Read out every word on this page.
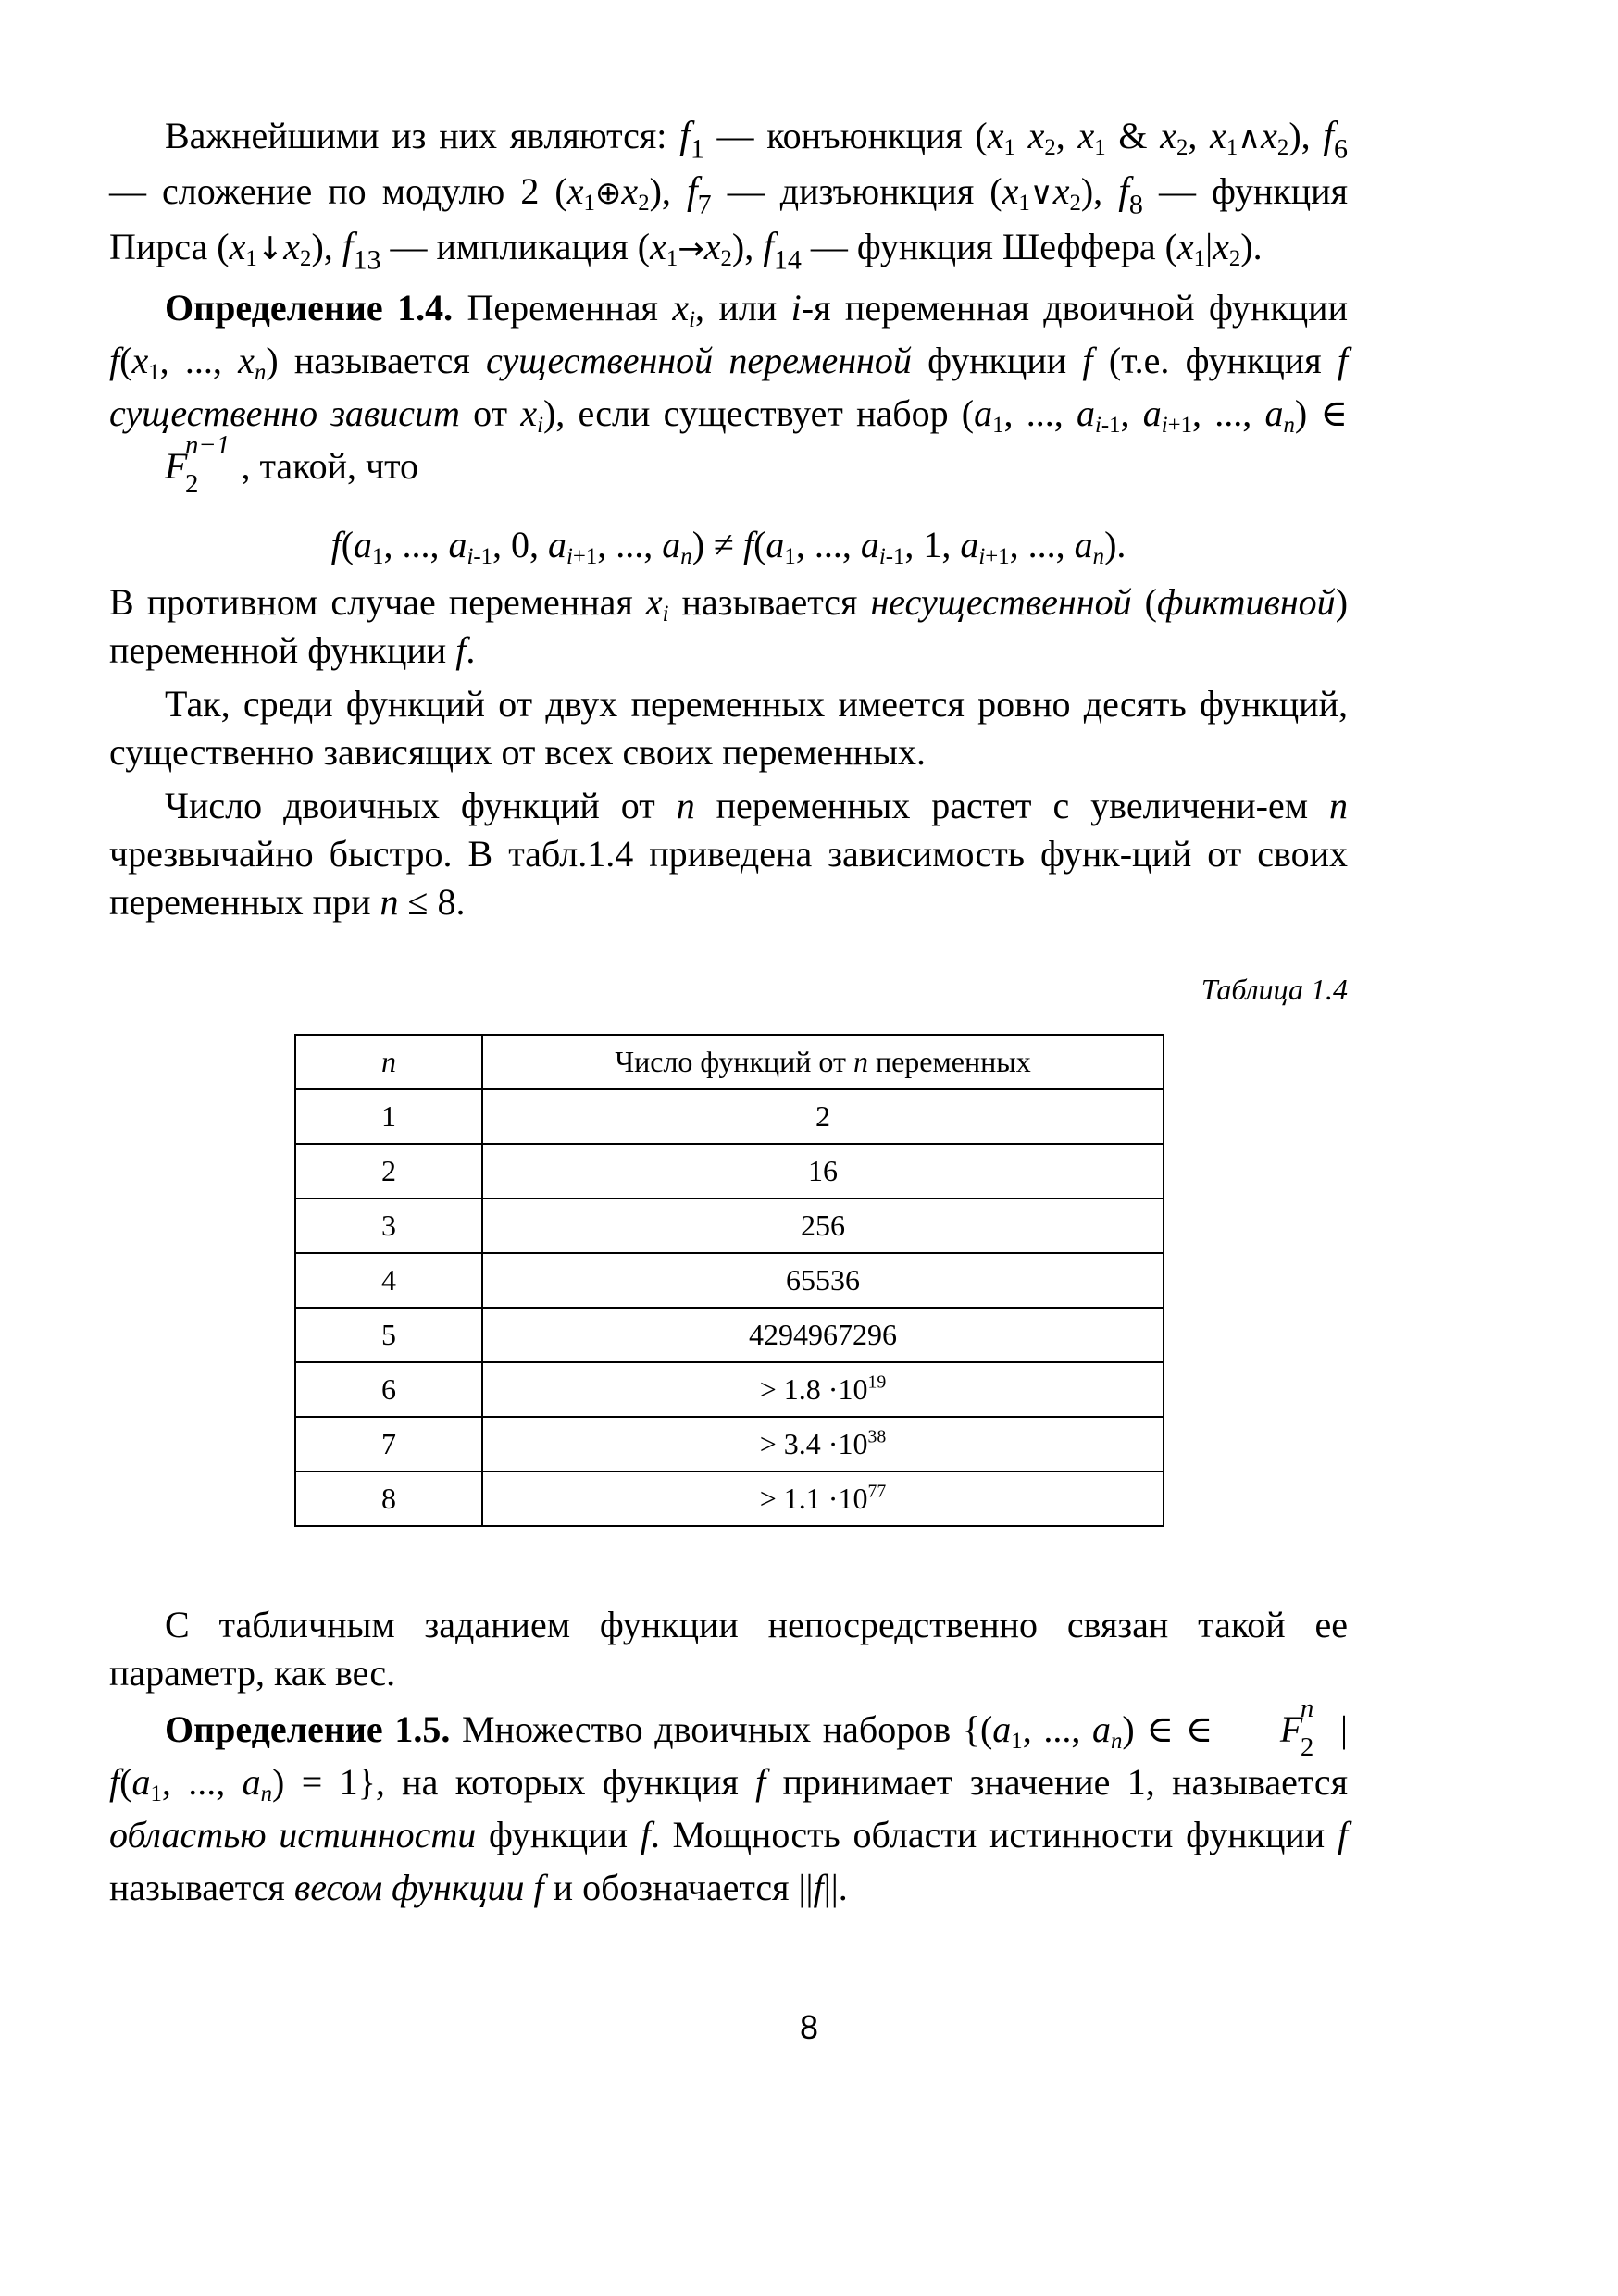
Важнейшими из них являются: $f_1$ — конъюнкция ($x_1$ $x_2$, $x_1$ & $x_2$, $x_1\wedge x_2$), $f_6$ — сложение по модулю 2 $(x_1\oplus x_2)$, $f_7$ — дизъюнкция $(x_1\vee x_2)$, $f_8$ — функция Пирса $(x_1↓x_2)$, $f_{13}$ — импликация $(x_1\to x_2)$, $f_{14}$ — функция Шеффера $(x_1|x_2)$.

Определение 1.4. Переменная $x_i$, или i-я переменная двоичной функции $f(x_1$, ..., $x_n$) называется существенной переменной функции f (т.е. функция f существенно зависит от $x_i$), если существует набор ($a_1$, ..., $a_{i-1}$, $a_{i+1}$, ..., $a_n$) ∈ F
n−1
2 , такой, что

$f(a_1$, ..., $a_{i-1}$, 0, $a_{i+1}$, ..., $a_n) \ne f(a_1$, ..., $a_{i-1}$, 1, $a_{i+1}$, ..., $a_n$).

В противном случае переменная $x_i$ называется несущественной (фиктивной) переменной функции f.

Так, среди функций от двух переменных имеется ровно десять функций, существенно зависящих от всех своих переменных.

Число двоичных функций от n переменных растет с увеличени-ем n чрезвычайно быстро. В табл.1.4 приведена зависимость функ-ций от своих переменных при n ≤ 8.

Таблица 1.4
n	Число функций от n переменных
1	2
2	16
3	256
4	65536
5	4294967296
6	> $1.8 \cdot 10^{19}$
7	> $3.4 \cdot 10^{38}$
8	> $1.1 \cdot 10^{77}$

С табличным заданием функции непосредственно связан такой ее параметр, как вес.

Определение 1.5. Множество двоичных наборов {($a_1$, ..., $a_n$) ∈ ∈ F
n
2 | $f(a_1$, ..., $a_n) = 1$}, на которых функция f принимает значение 1, называется областью истинности функции f. Мощность области истинности функции f называется весом функции f и обозначается ||f||.

8
